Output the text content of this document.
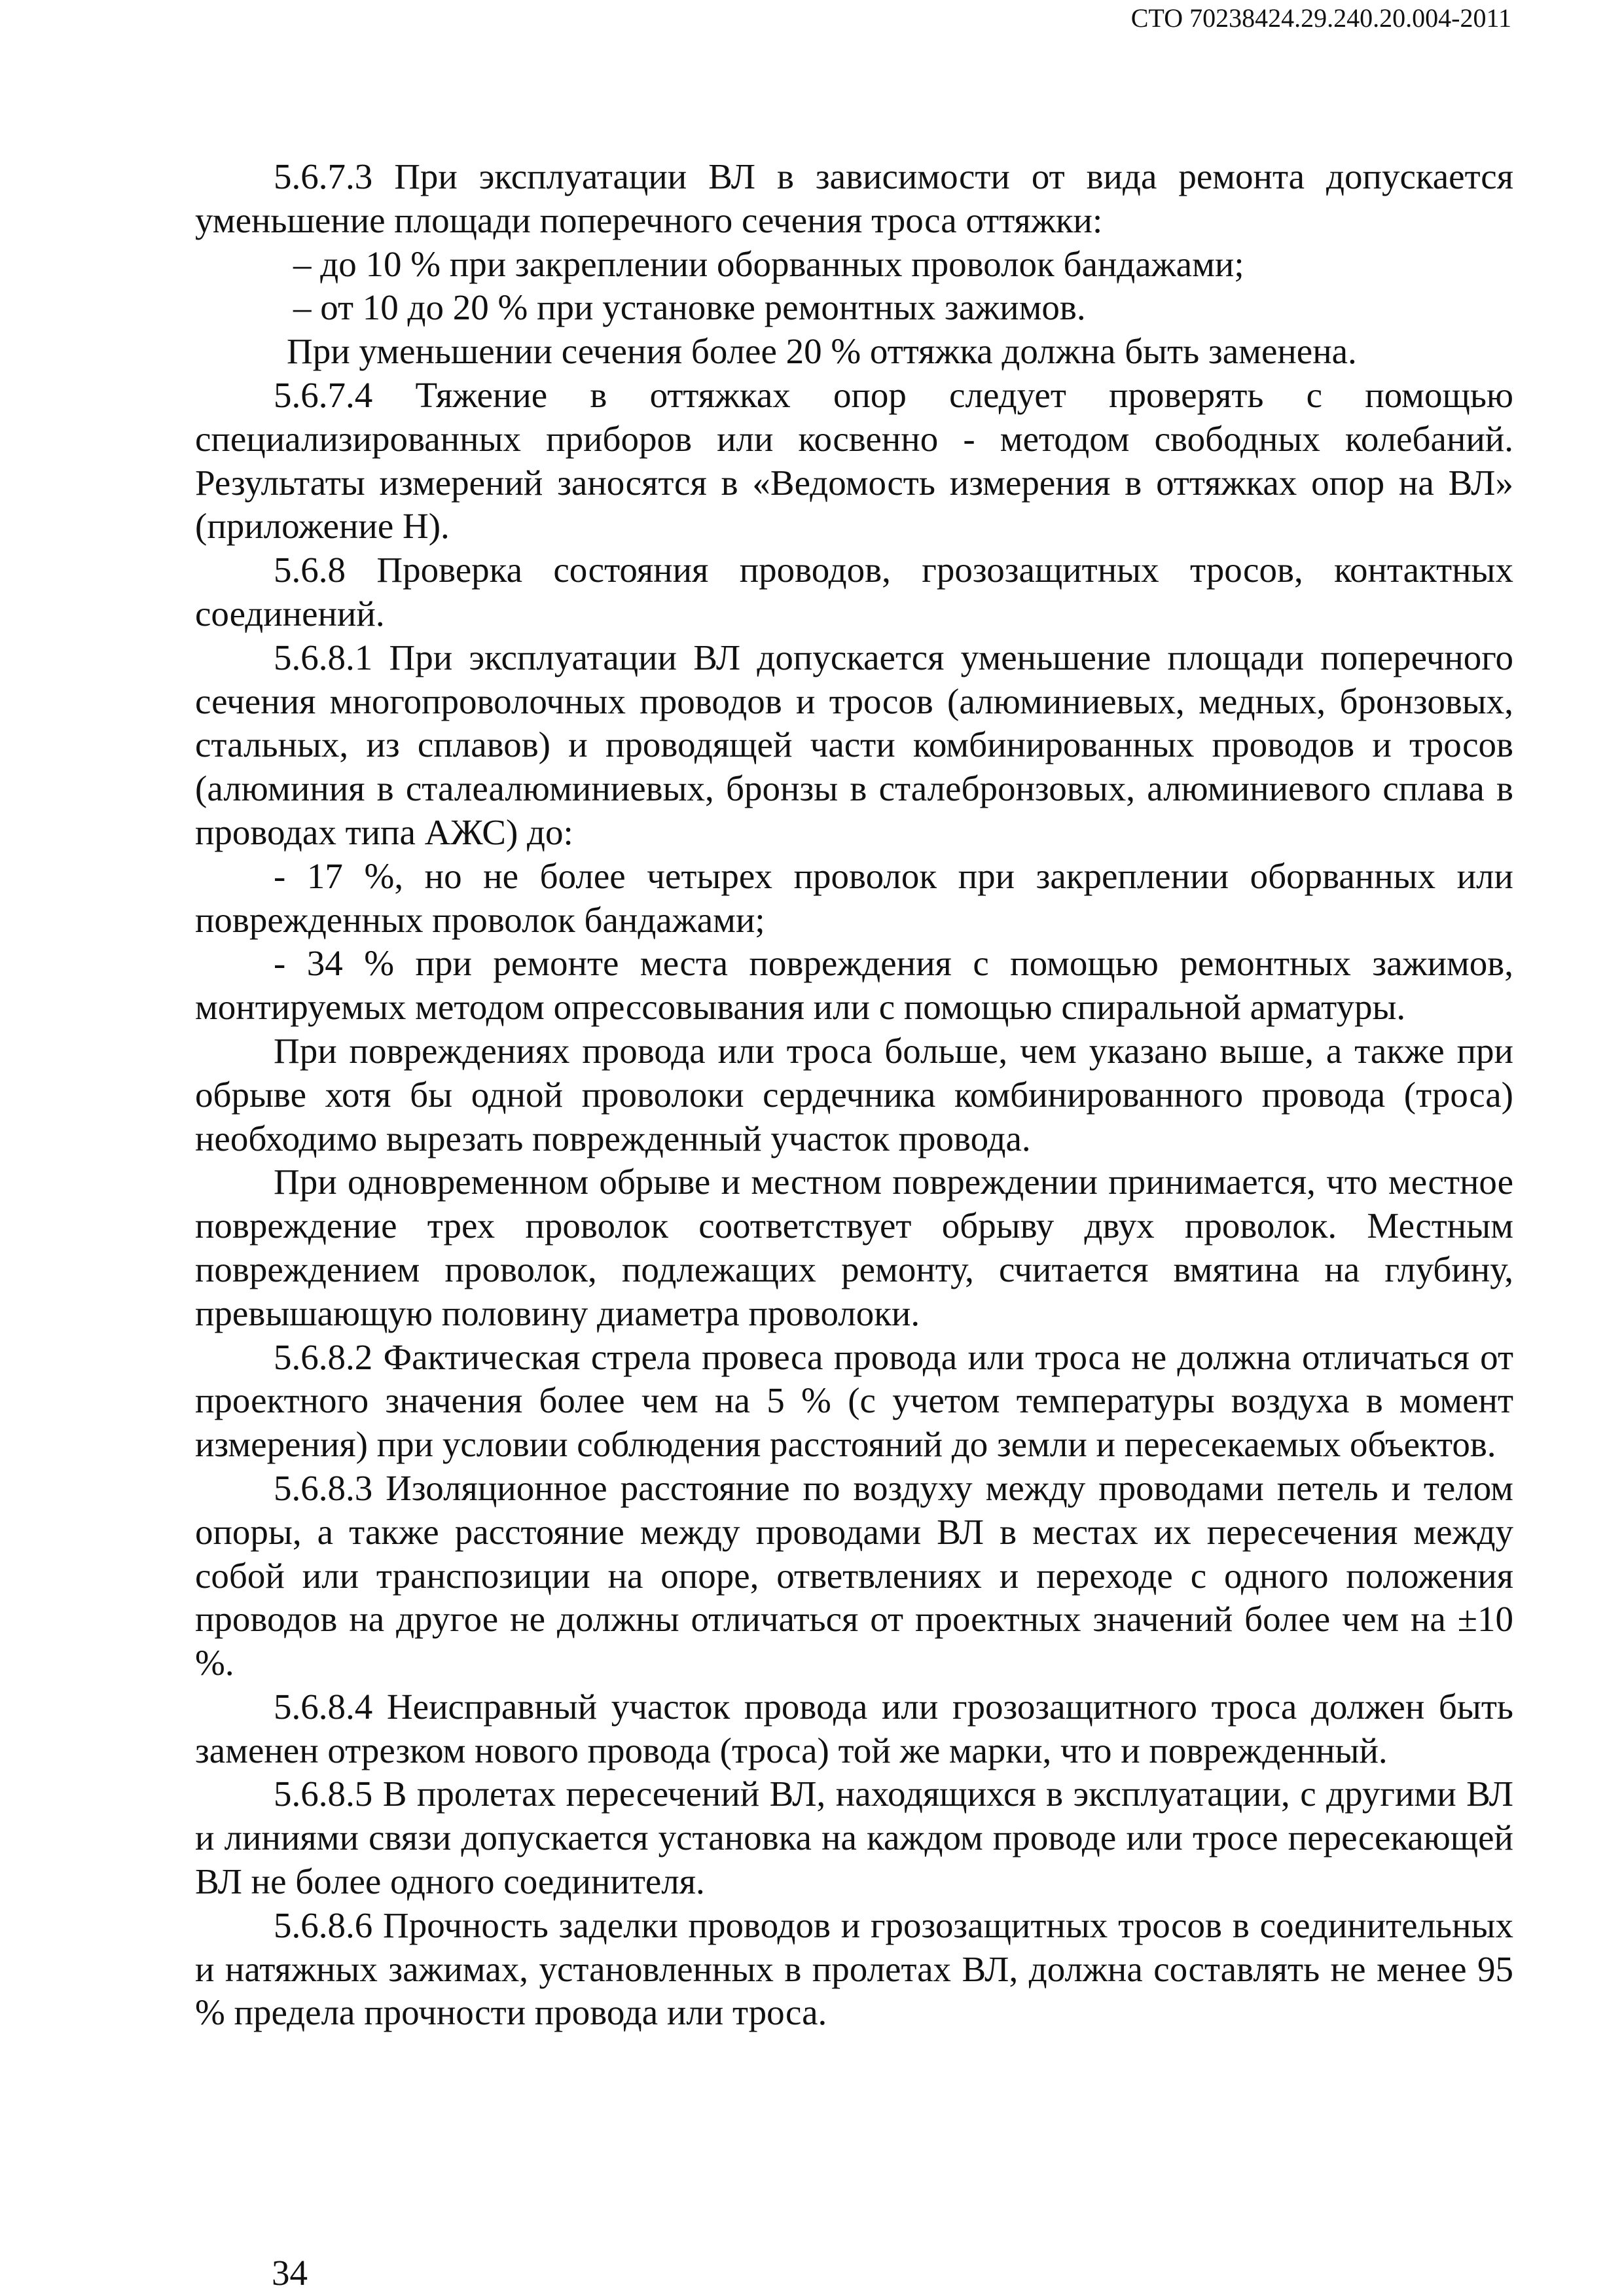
СТО 70238424.29.240.20.004-2011

5.6.7.3 При эксплуатации ВЛ в зависимости от вида ремонта допускается уменьшение площади поперечного сечения троса оттяжки:

– до 10 % при закреплении оборванных проволок бандажами;

– от 10 до 20 % при установке ремонтных зажимов.

При уменьшении сечения более 20 % оттяжка должна быть заменена.

5.6.7.4 Тяжение в оттяжках опор следует проверять с помощью специализированных приборов или косвенно - методом свободных колебаний. Результаты измерений заносятся в «Ведомость измерения в оттяжках опор на ВЛ» (приложение Н).

5.6.8 Проверка состояния проводов, грозозащитных тросов, контактных соединений.

5.6.8.1 При эксплуатации ВЛ допускается уменьшение площади поперечного сечения многопроволочных проводов и тросов (алюминиевых, медных, бронзовых, стальных, из сплавов) и проводящей части комбинированных проводов и тросов (алюминия в сталеалюминиевых, бронзы в сталебронзовых, алюминиевого сплава в проводах типа АЖС) до:

- 17 %, но не более четырех проволок при закреплении оборванных или поврежденных проволок бандажами;

- 34 % при ремонте места повреждения с помощью ремонтных зажимов, монтируемых методом опрессовывания или с помощью спиральной арматуры.

При повреждениях провода или троса больше, чем указано выше, а также при обрыве хотя бы одной проволоки сердечника комбинированного провода (троса) необходимо вырезать поврежденный участок провода.

При одновременном обрыве и местном повреждении принимается, что местное повреждение трех проволок соответствует обрыву двух проволок. Местным повреждением проволок, подлежащих ремонту, считается вмятина на глубину, превышающую половину диаметра проволоки.

5.6.8.2 Фактическая стрела провеса провода или троса не должна отличаться от проектного значения более чем на 5 % (с учетом температуры воздуха в момент измерения) при условии соблюдения расстояний до земли и пересекаемых объектов.

5.6.8.3 Изоляционное расстояние по воздуху между проводами петель и телом опоры, а также расстояние между проводами ВЛ в местах их пересечения между собой или транспозиции на опоре, ответвлениях и переходе с одного положения проводов на другое не должны отличаться от проектных значений более чем на ±10 %.

5.6.8.4 Неисправный участок провода или грозозащитного троса должен быть заменен отрезком нового провода (троса) той же марки, что и поврежденный.

5.6.8.5 В пролетах пересечений ВЛ, находящихся в эксплуатации, с другими ВЛ и линиями связи допускается установка на каждом проводе или тросе пересекающей ВЛ не более одного соединителя.

5.6.8.6 Прочность заделки проводов и грозозащитных тросов в соединительных и натяжных зажимах, установленных в пролетах ВЛ, должна составлять не менее 95 % предела прочности провода или троса.

34
